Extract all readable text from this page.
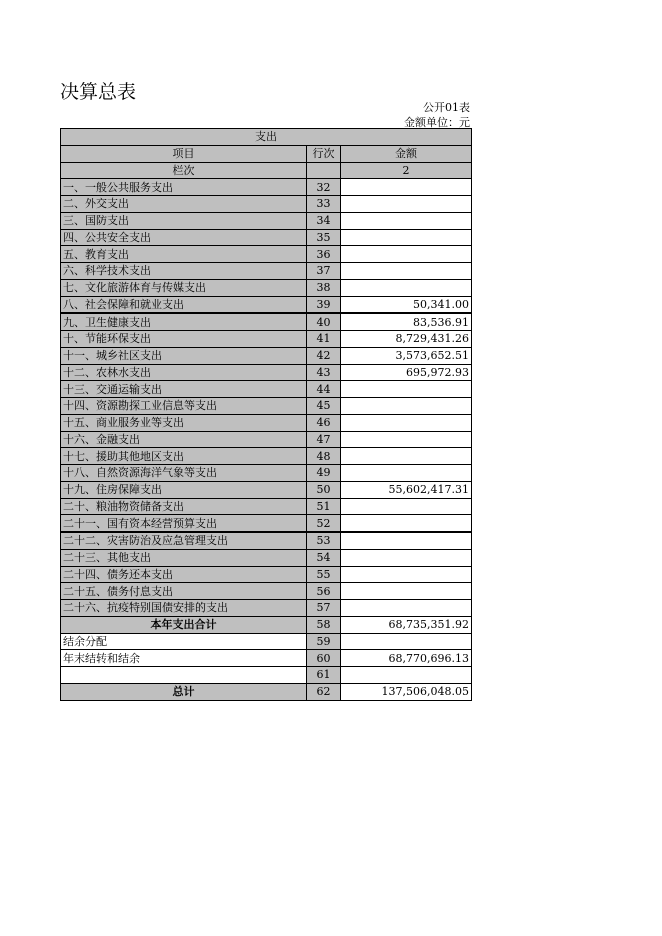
决算总表
公开01表
金额单位：元
支出		
项目	行次	金额
栏次		2
一、一般公共服务支出	32	
二、外交支出	33	
三、国防支出	34	
四、公共安全支出	35	
五、教育支出	36	
六、科学技术支出	37	
七、文化旅游体育与传媒支出	38	
八、社会保障和就业支出	39	50,341.00
九、卫生健康支出	40	83,536.91
十、节能环保支出	41	8,729,431.26
十一、城乡社区支出	42	3,573,652.51
十二、农林水支出	43	695,972.93
十三、交通运输支出	44	
十四、资源勘探工业信息等支出	45	
十五、商业服务业等支出	46	
十六、金融支出	47	
十七、援助其他地区支出	48	
十八、自然资源海洋气象等支出	49	
十九、住房保障支出	50	55,602,417.31
二十、粮油物资储备支出	51	
二十一、国有资本经营预算支出	52	
二十二、灾害防治及应急管理支出	53	
二十三、其他支出	54	
二十四、债务还本支出	55	
二十五、债务付息支出	56	
二十六、抗疫特别国债安排的支出	57	
本年支出合计	58	68,735,351.92
结余分配	59	
年末结转和结余	60	68,770,696.13
	61	
总计	62	137,506,048.05
